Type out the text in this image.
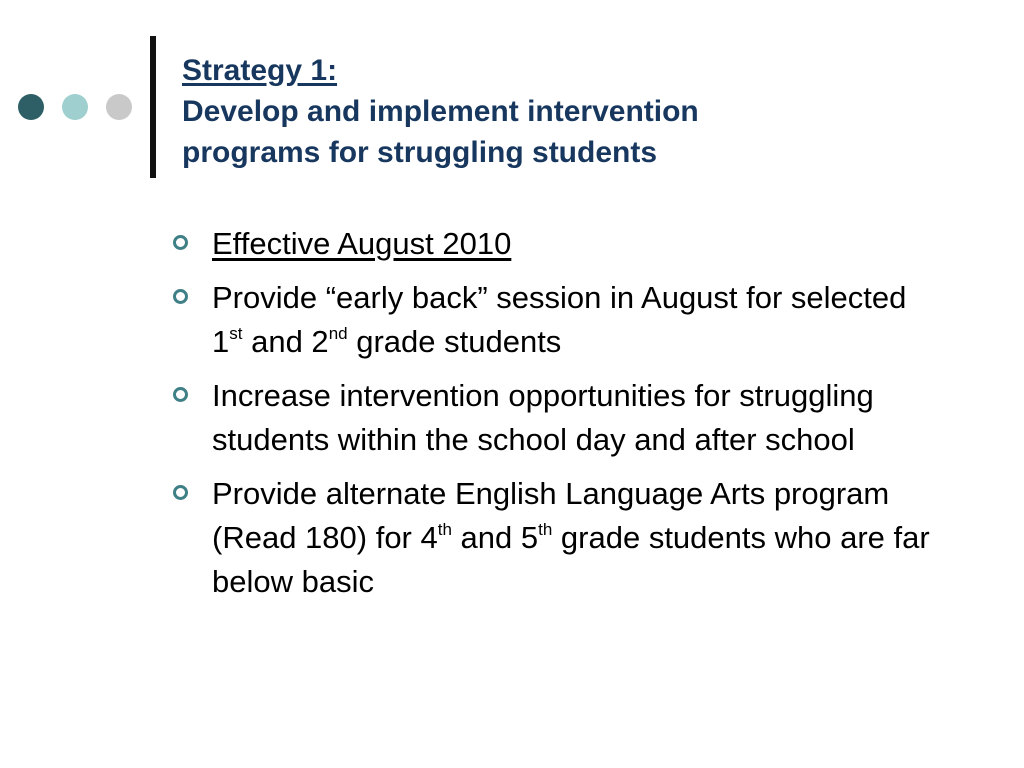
Strategy 1:
Develop and implement intervention
programs for struggling students
Effective August 2010
Provide “early back” session in August for selected 1st and 2nd grade students
Increase intervention opportunities for struggling students within the school day and after school
Provide alternate English Language Arts program (Read 180) for 4th and 5th grade students who are far below basic
